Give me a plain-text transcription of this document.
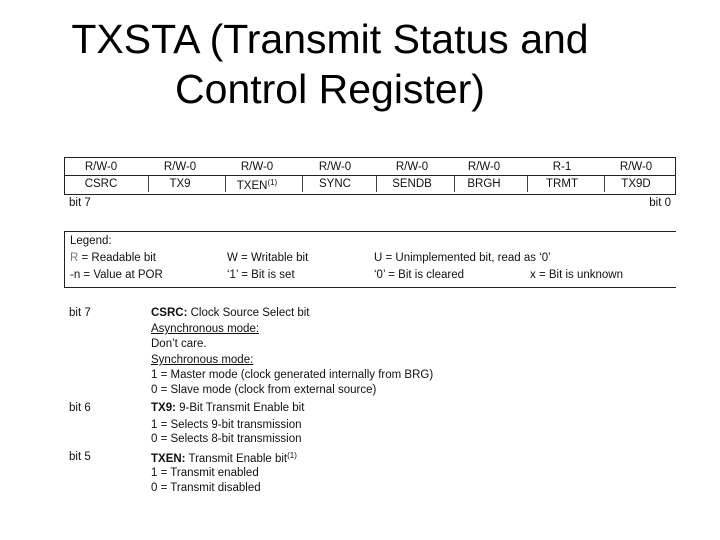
TXSTA (Transmit Status and
Control Register)
R/W-0	R/W-0	R/W-0	R/W-0	R/W-0	R/W-0	R-1	R/W-0
CSRC	TX9	TXEN$^{(1)}$	SYNC	SENDB	BRGH	TRMT	TX9D
bit 7	bit 0
Legend:
R = Readable bit	W = Writable bit	U = Unimplemented bit, read as ‘0’
-n = Value at POR	‘1’ = Bit is set	‘0’ = Bit is cleared	x = Bit is unknown
bit 7	CSRC: Clock Source Select bit
Asynchronous mode:
Don’t care.
Synchronous mode:
1 = Master mode (clock generated internally from BRG)
0 = Slave mode (clock from external source)
bit 6	TX9: 9-Bit Transmit Enable bit
1 = Selects 9-bit transmission
0 = Selects 8-bit transmission
bit 5	TXEN: Transmit Enable bit$^{(1)}$
1 = Transmit enabled
0 = Transmit disabled
